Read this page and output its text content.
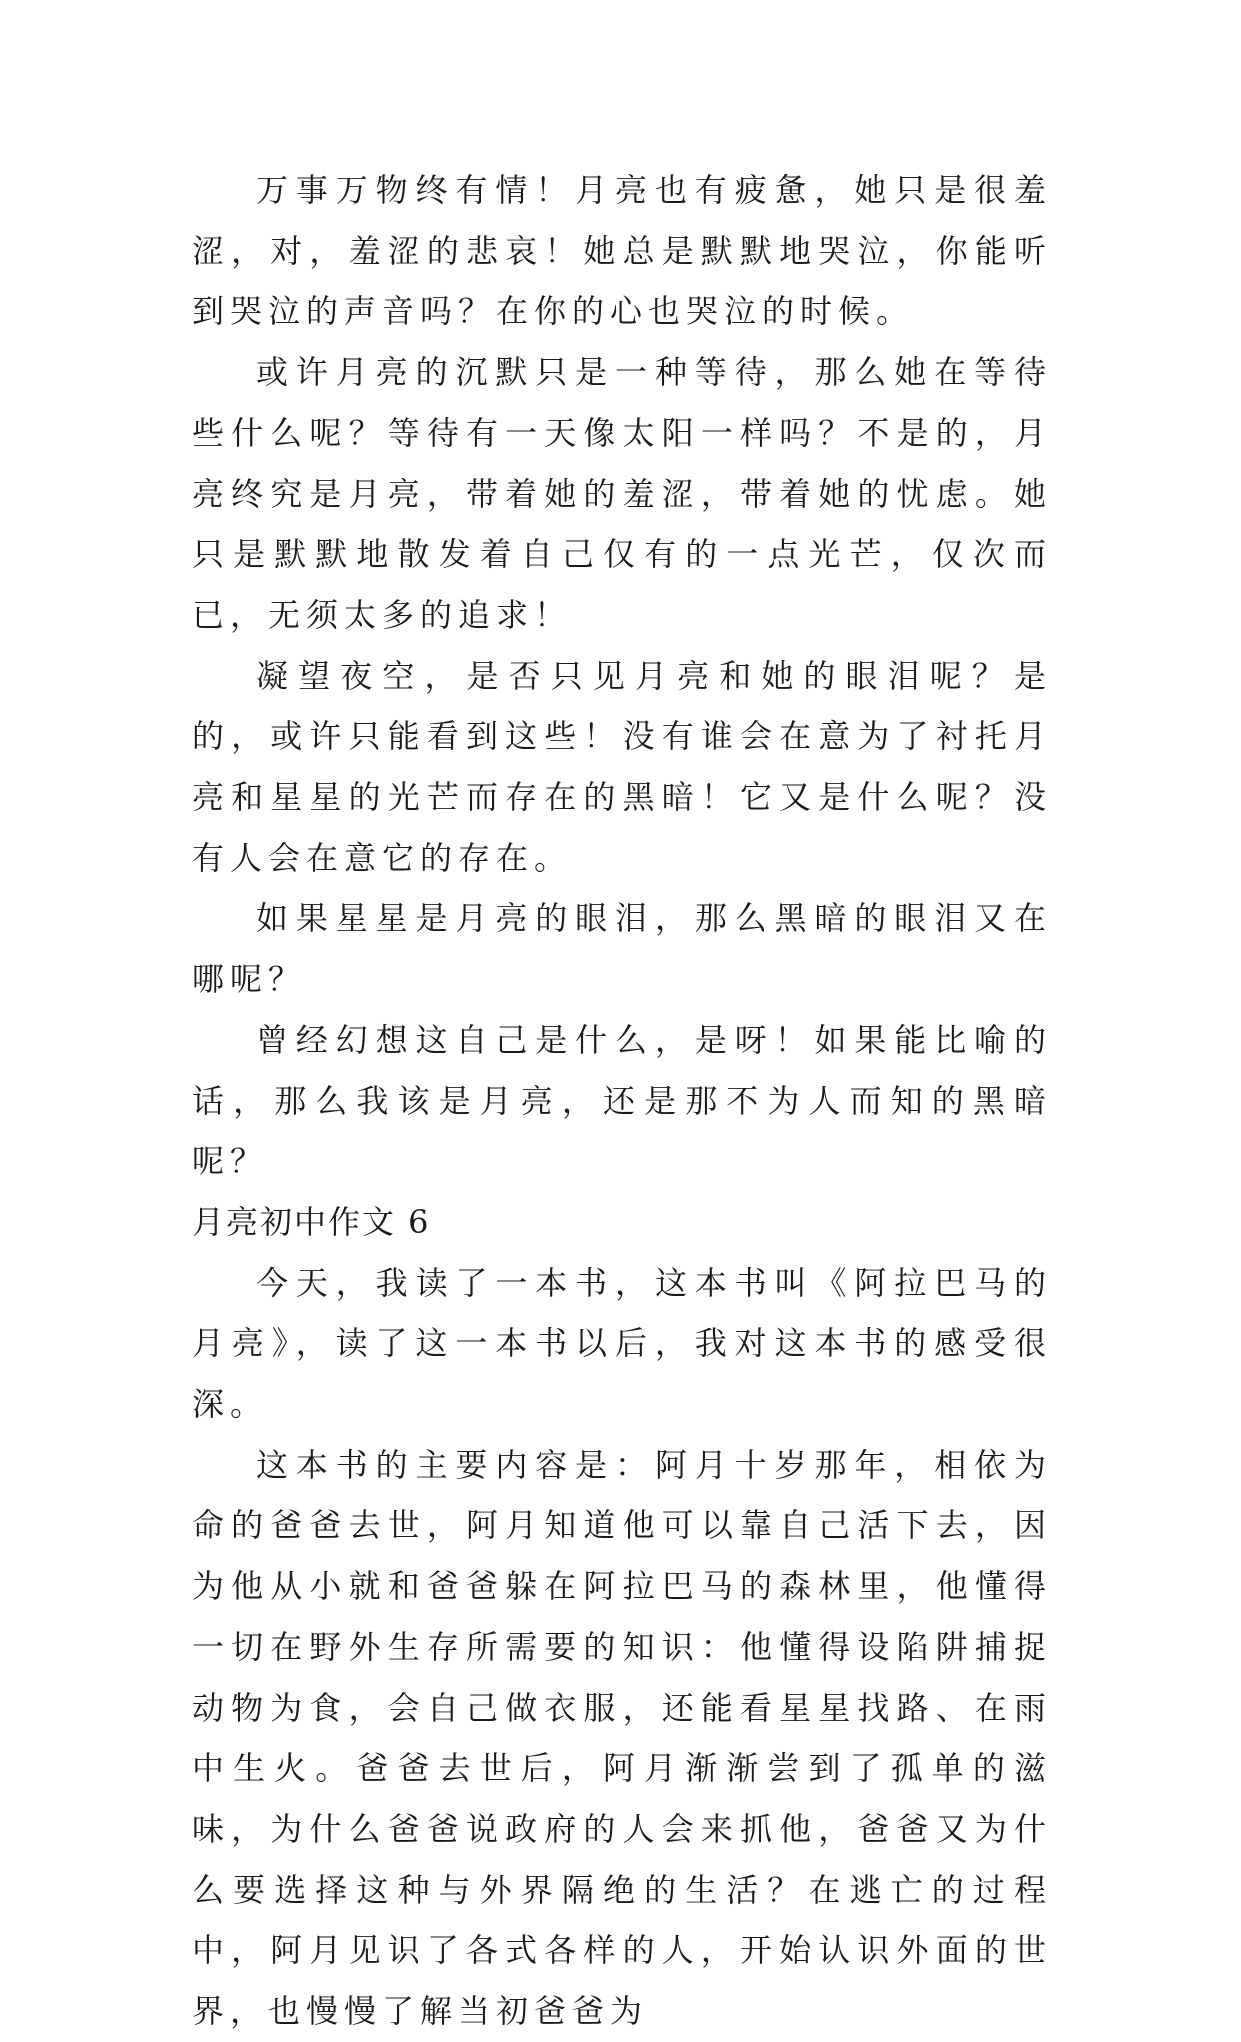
万事万物终有情！月亮也有疲惫，她只是很羞涩，对，羞涩的悲哀！她总是默默地哭泣，你能听到哭泣的声音吗？在你的心也哭泣的时候。

或许月亮的沉默只是一种等待，那么她在等待些什么呢？等待有一天像太阳一样吗？不是的，月亮终究是月亮，带着她的羞涩，带着她的忧虑。她只是默默地散发着自己仅有的一点光芒，仅次而已，无须太多的追求！

凝望夜空，是否只见月亮和她的眼泪呢？是的，或许只能看到这些！没有谁会在意为了衬托月亮和星星的光芒而存在的黑暗！它又是什么呢？没有人会在意它的存在。

如果星星是月亮的眼泪，那么黑暗的眼泪又在哪呢？

曾经幻想这自己是什么，是呀！如果能比喻的话，那么我该是月亮，还是那不为人而知的黑暗呢？

月亮初中作文 6

今天，我读了一本书，这本书叫《阿拉巴马的月亮》，读了这一本书以后，我对这本书的感受很深。

这本书的主要内容是：阿月十岁那年，相依为命的爸爸去世，阿月知道他可以靠自己活下去，因为他从小就和爸爸躲在阿拉巴马的森林里，他懂得一切在野外生存所需要的知识：他懂得设陷阱捕捉动物为食，会自己做衣服，还能看星星找路、在雨中生火。爸爸去世后，阿月渐渐尝到了孤单的滋味，为什么爸爸说政府的人会来抓他，爸爸又为什么要选择这种与外界隔绝的生活？在逃亡的过程中，阿月见识了各式各样的人，开始认识外面的世界，也慢慢了解当初爸爸为
